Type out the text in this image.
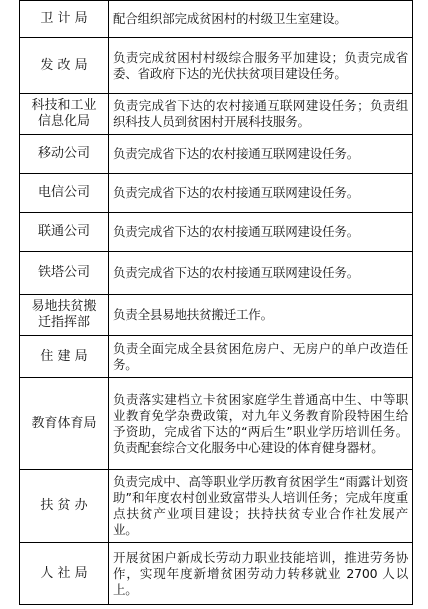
卫 计 局	配合组织部完成贫困村的村级卫生室建设。
发 改 局	负责完成贫困村村级综合服务平加建设；负责完成省委、省政府下达的光伏扶贫项目建设任务。
科技和工业信息化局	负责完成省下达的农村接通互联网建设任务；负责组织科技人员到贫困村开展科技服务。
移动公司	负责完成省下达的农村接通互联网建设任务。
电信公司	负责完成省下达的农村接通互联网建设任务。
联通公司	负责完成省下达的农村接通互联网建设任务。
铁塔公司	负责完成省下达的农村接通互联网建设任务。
易地扶贫搬迁指挥部	负责全县易地扶贫搬迁工作。
住 建 局	负责全面完成全县贫困危房户、无房户的单户改造任务。
教育体育局	负责落实建档立卡贫困家庭学生普通高中生、中等职业教育免学杂费政策，对九年义务教育阶段特困生给予资助，完成省下达的“两后生”职业学历培训任务。负责配套综合文化服务中心建设的体育健身器材。
扶 贫 办	负责完成中、高等职业学历教育贫困学生“雨露计划资助”和年度农村创业致富带头人培训任务；完成年度重点扶贫产业项目建设；扶持扶贫专业合作社发展产业。
人 社 局	开展贫困户新成长劳动力职业技能培训，推进劳务协作，实现年度新增贫困劳动力转移就业 2700 人以上。
